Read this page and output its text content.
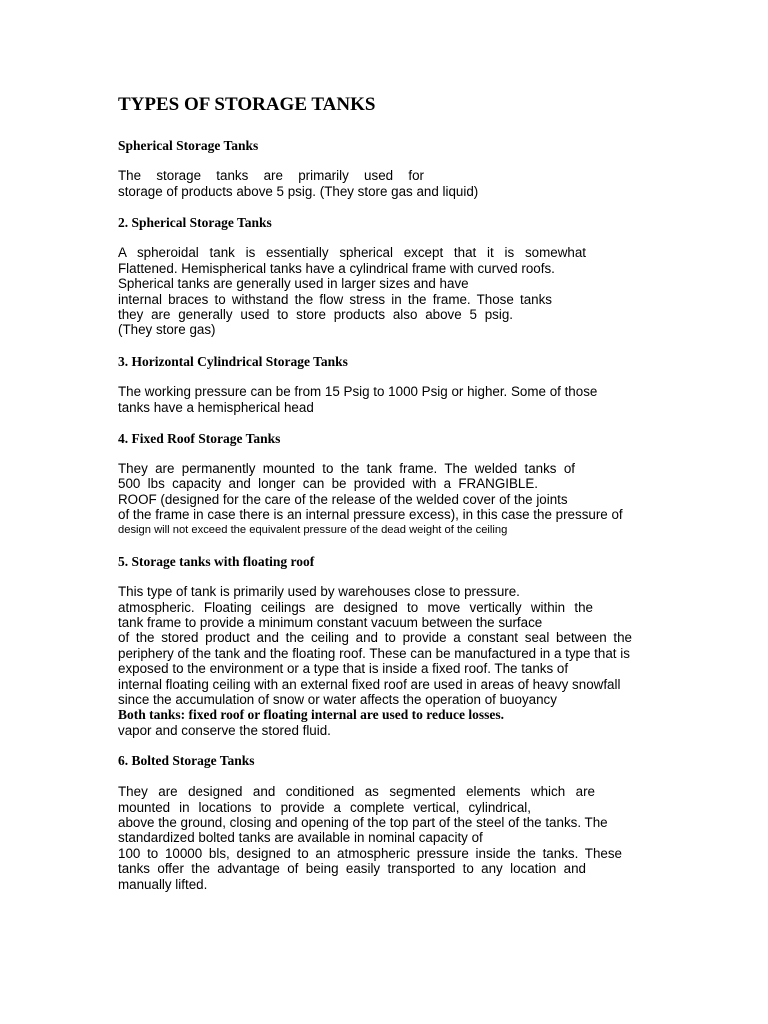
TYPES OF STORAGE TANKS
Spherical Storage Tanks
The storage tanks are primarily used for
storage of products above 5 psig. (They store gas and liquid)
2. Spherical Storage Tanks
A spheroidal tank is essentially spherical except that it is somewhat
Flattened. Hemispherical tanks have a cylindrical frame with curved roofs.
Spherical tanks are generally used in larger sizes and have
internal braces to withstand the flow stress in the frame. Those tanks
they are generally used to store products also above 5 psig.
(They store gas)
3. Horizontal Cylindrical Storage Tanks
The working pressure can be from 15 Psig to 1000 Psig or higher. Some of those
tanks have a hemispherical head
4. Fixed Roof Storage Tanks
They are permanently mounted to the tank frame. The welded tanks of
500 lbs capacity and longer can be provided with a FRANGIBLE.
ROOF (designed for the care of the release of the welded cover of the joints
of the frame in case there is an internal pressure excess), in this case the pressure of
design will not exceed the equivalent pressure of the dead weight of the ceiling
5. Storage tanks with floating roof
This type of tank is primarily used by warehouses close to pressure.
atmospheric. Floating ceilings are designed to move vertically within the
tank frame to provide a minimum constant vacuum between the surface
of the stored product and the ceiling and to provide a constant seal between the
periphery of the tank and the floating roof. These can be manufactured in a type that is
exposed to the environment or a type that is inside a fixed roof. The tanks of
internal floating ceiling with an external fixed roof are used in areas of heavy snowfall
since the accumulation of snow or water affects the operation of buoyancy
Both tanks: fixed roof or floating internal are used to reduce losses.
vapor and conserve the stored fluid.
6. Bolted Storage Tanks
They are designed and conditioned as segmented elements which are
mounted in locations to provide a complete vertical, cylindrical,
above the ground, closing and opening of the top part of the steel of the tanks. The
standardized bolted tanks are available in nominal capacity of
100 to 10000 bls, designed to an atmospheric pressure inside the tanks. These
tanks offer the advantage of being easily transported to any location and
manually lifted.
